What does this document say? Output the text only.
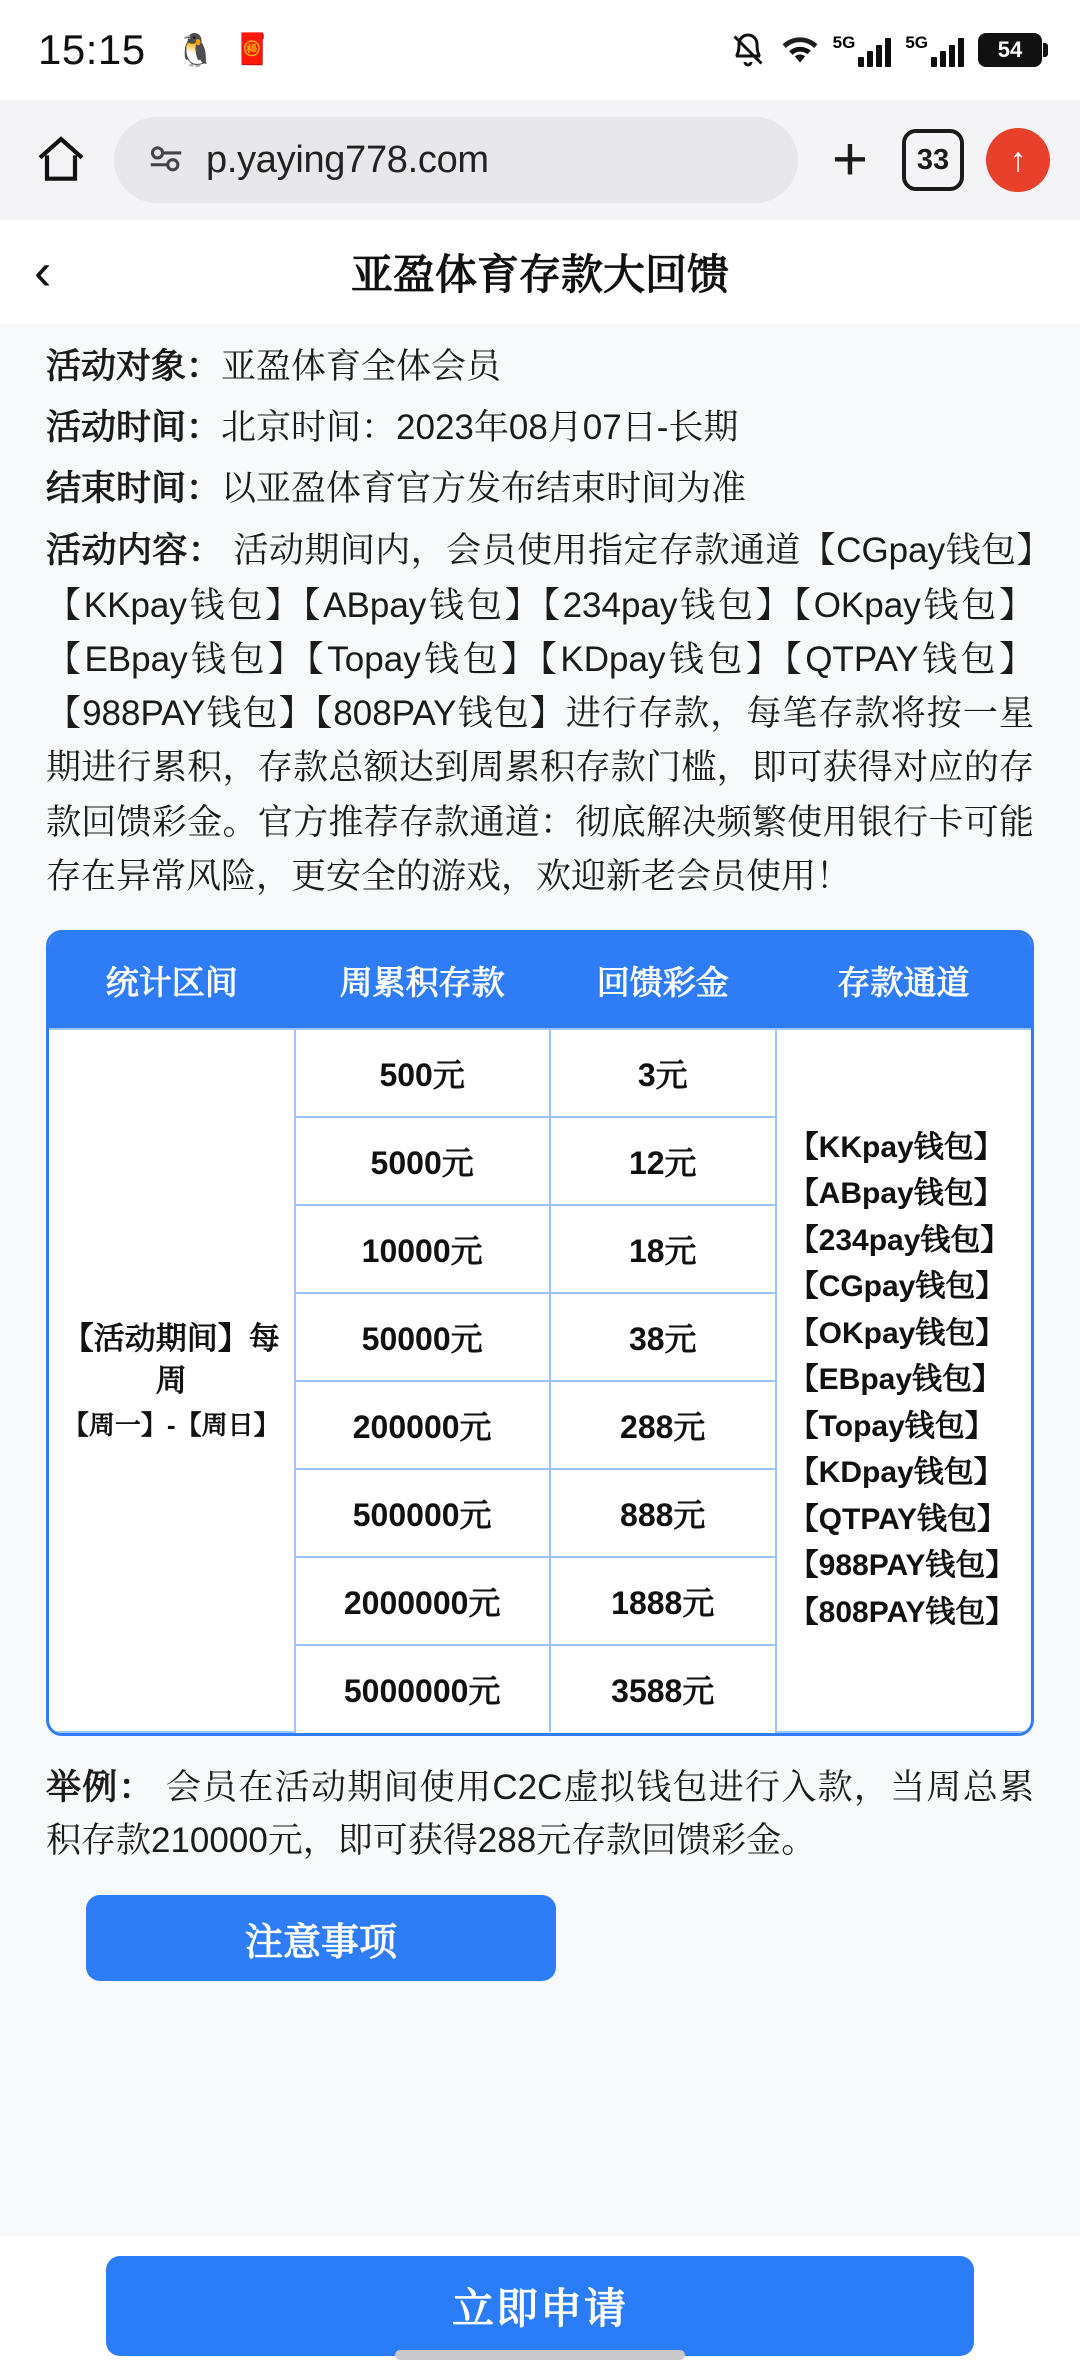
15:15 🐧 🧧	5G	5G	54
p.yaying778.com	+	33	↑
‹	亚盈体育存款大回馈
活动对象：亚盈体育全体会员
活动时间：北京时间：2023年08月07日-长期
结束时间：以亚盈体育官方发布结束时间为准
活动内容： 活动期间内，会员使用指定存款通道【CGpay钱包】【KKpay钱包】【ABpay钱包】【234pay钱包】【OKpay钱包】【EBpay钱包】【Topay钱包】【KDpay钱包】【QTPAY钱包】【988PAY钱包】【808PAY钱包】进行存款，每笔存款将按一星期进行累积，存款总额达到周累积存款门槛，即可获得对应的存款回馈彩金。官方推荐存款通道：彻底解决频繁使用银行卡可能存在异常风险，更安全的游戏，欢迎新老会员使用！
统计区间	周累积存款	回馈彩金	存款通道
【活动期间】每周
【周一】-【周日】	500元	3元	【KKpay钱包】【ABpay钱包】【234pay钱包】【CGpay钱包】【OKpay钱包】【EBpay钱包】【Topay钱包】【KDpay钱包】【QTPAY钱包】【988PAY钱包】【808PAY钱包】
	5000元	12元	
	10000元	18元	
	50000元	38元	
	200000元	288元	
	500000元	888元	
	2000000元	1888元	
	5000000元	3588元	
举例： 会员在活动期间使用C2C虚拟钱包进行入款，当周总累积存款210000元，即可获得288元存款回馈彩金。
注意事项
立即申请
